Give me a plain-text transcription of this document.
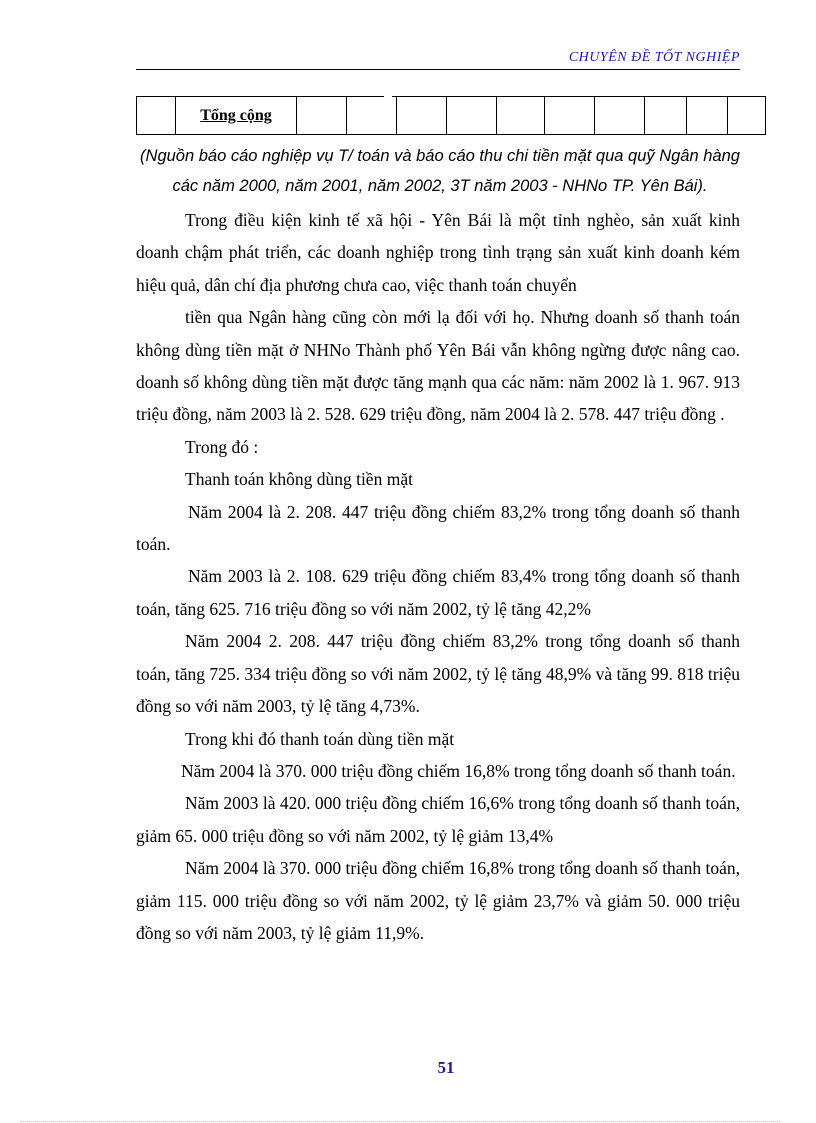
CHUYÊN ĐỀ TỐT NGHIỆP
	Tổng cộng										
(Nguồn báo cáo nghiệp vụ T/ toán và báo cáo thu chi tiền mặt qua quỹ Ngân hàng
các năm 2000, năm 2001, năm 2002, 3T năm 2003 - NHNo TP. Yên Bái).

Trong điều kiện kinh tế xã hội - Yên Bái là một tỉnh nghèo, sản xuất kinh doanh chậm phát triển, các doanh nghiệp trong tình trạng sản xuất kinh doanh kém hiệu quả, dân chí địa phương chưa cao, việc thanh toán chuyển

tiền qua Ngân hàng cũng còn mới lạ đối với họ. Nhưng doanh số thanh toán không dùng tiền mặt ở NHNo Thành phố Yên Bái vẫn không ngừng được nâng cao. doanh số không dùng tiền mặt được tăng mạnh qua các năm: năm 2002 là 1. 967. 913 triệu đồng, năm 2003 là 2. 528. 629 triệu đồng, năm 2004 là 2. 578. 447 triệu đồng .

Trong đó :

Thanh toán không dùng tiền mặt

Năm 2004 là 2. 208. 447 triệu đồng chiếm 83,2% trong tổng doanh số thanh toán.

Năm 2003 là 2. 108. 629 triệu đồng chiếm 83,4% trong tổng doanh số thanh toán, tăng 625. 716 triệu đồng so với năm 2002, tỷ lệ tăng 42,2%

Năm 2004 2. 208. 447 triệu đồng chiếm 83,2% trong tổng doanh số thanh toán, tăng 725. 334 triệu đồng so với năm 2002, tỷ lệ tăng 48,9% và tăng 99. 818 triệu đồng so với năm 2003, tỷ lệ tăng 4,73%.

Trong khi đó thanh toán dùng tiền mặt

Năm 2004 là 370. 000 triệu đồng chiếm 16,8% trong tổng doanh số thanh toán.

Năm 2003 là 420. 000 triệu đồng chiếm 16,6% trong tổng doanh số thanh toán, giảm 65. 000 triệu đồng so với năm 2002, tỷ lệ giảm 13,4%

Năm 2004 là 370. 000 triệu đồng chiếm 16,8% trong tổng doanh số thanh toán, giảm 115. 000 triệu đồng so với năm 2002, tỷ lệ giảm 23,7% và giảm 50. 000 triệu đồng so với năm 2003, tỷ lệ giảm 11,9%.

51
